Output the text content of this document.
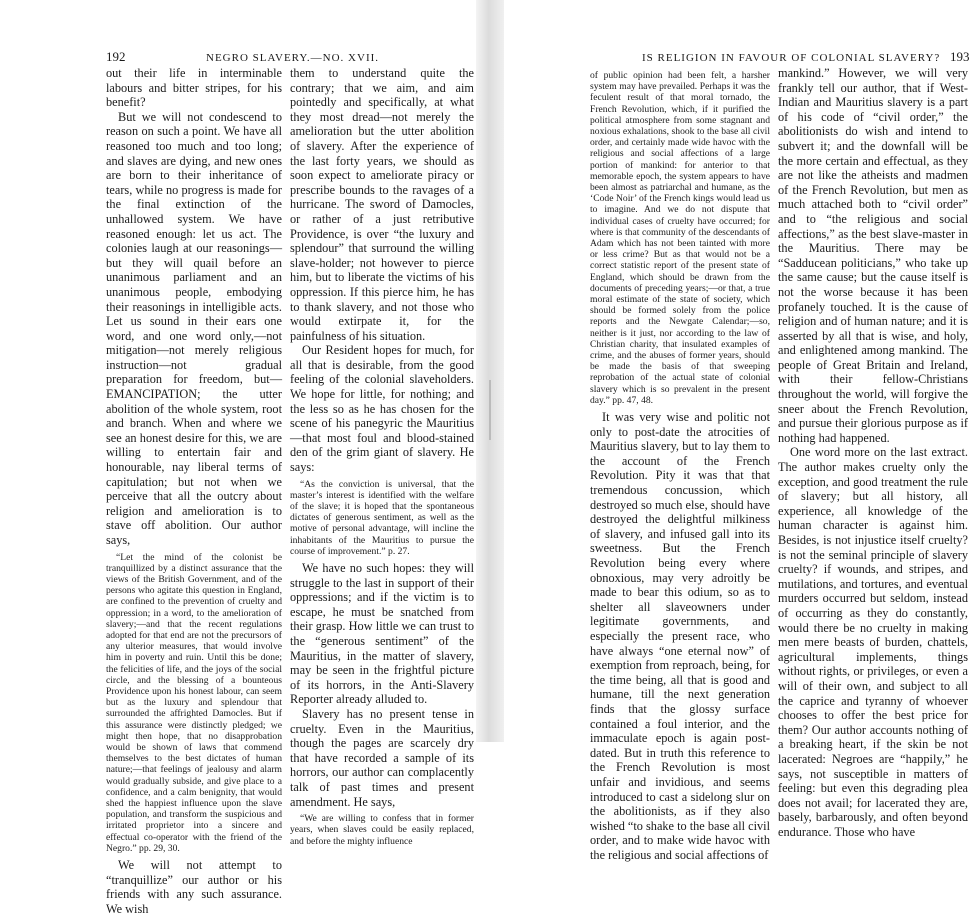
192	NEGRO SLAVERY.—NO. XVII.

out their life in interminable labours and bitter stripes, for his benefit?

But we will not condescend to reason on such a point. We have all reasoned too much and too long; and slaves are dying, and new ones are born to their inheritance of tears, while no progress is made for the final extinction of the unhallowed system. We have reasoned enough: let us act. The colonies laugh at our reasonings—but they will quail before an unanimous parliament and an unanimous people, embodying their reasonings in intelligible acts. Let us sound in their ears one word, and one word only,—not mitigation—not merely religious instruction—not gradual preparation for freedom, but—EMANCIPATION; the utter abolition of the whole system, root and branch. When and where we see an honest desire for this, we are willing to entertain fair and honourable, nay liberal terms of capitulation; but not when we perceive that all the outcry about religion and amelioration is to stave off abolition. Our author says,

“Let the mind of the colonist be tranquillized by a distinct assurance that the views of the British Government, and of the persons who agitate this question in England, are confined to the prevention of cruelty and oppression; in a word, to the amelioration of slavery;—and that the recent regulations adopted for that end are not the precursors of any ulterior measures, that would involve him in poverty and ruin. Until this be done; the felicities of life, and the joys of the social circle, and the blessing of a bounteous Providence upon his honest labour, can seem but as the luxury and splendour that surrounded the affrighted Damocles. But if this assurance were distinctly pledged; we might then hope, that no disapprobation would be shown of laws that commend themselves to the best dictates of human nature;—that feelings of jealousy and alarm would gradually subside, and give place to a confidence, and a calm benignity, that would shed the happiest influence upon the slave population, and transform the suspicious and irritated proprietor into a sincere and effectual co-operator with the friend of the Negro.” pp. 29, 30.

We will not attempt to “tranquillize” our author or his friends with any such assurance. We wish

them to understand quite the contrary; that we aim, and aim pointedly and specifically, at what they most dread—not merely the amelioration but the utter abolition of slavery. After the experience of the last forty years, we should as soon expect to ameliorate piracy or prescribe bounds to the ravages of a hurricane. The sword of Damocles, or rather of a just retributive Providence, is over “the luxury and splendour” that surround the willing slave-holder; not however to pierce him, but to liberate the victims of his oppression. If this pierce him, he has to thank slavery, and not those who would extirpate it, for the painfulness of his situation.

Our Resident hopes for much, for all that is desirable, from the good feeling of the colonial slaveholders. We hope for little, for nothing; and the less so as he has chosen for the scene of his panegyric the Mauritius—that most foul and blood-stained den of the grim giant of slavery. He says:

“As the conviction is universal, that the master’s interest is identified with the welfare of the slave; it is hoped that the spontaneous dictates of generous sentiment, as well as the motive of personal advantage, will incline the inhabitants of the Mauritius to pursue the course of improvement.” p. 27.

We have no such hopes: they will struggle to the last in support of their oppressions; and if the victim is to escape, he must be snatched from their grasp. How little we can trust to the “generous sentiment” of the Mauritius, in the matter of slavery, may be seen in the frightful picture of its horrors, in the Anti-Slavery Reporter already alluded to.

Slavery has no present tense in cruelty. Even in the Mauritius, though the pages are scarcely dry that have recorded a sample of its horrors, our author can complacently talk of past times and present amendment. He says,

“We are willing to confess that in former years, when slaves could be easily replaced, and before the mighty influence

IS RELIGION IN FAVOUR OF COLONIAL SLAVERY? 193

of public opinion had been felt, a harsher system may have prevailed. Perhaps it was the feculent result of that moral tornado, the French Revolution, which, if it purified the political atmosphere from some stagnant and noxious exhalations, shook to the base all civil order, and certainly made wide havoc with the religious and social affections of a large portion of mankind: for anterior to that memorable epoch, the system appears to have been almost as patriarchal and humane, as the ‘Code Noir’ of the French kings would lead us to imagine. And we do not dispute that individual cases of cruelty have occurred; for where is that community of the descendants of Adam which has not been tainted with more or less crime? But as that would not be a correct statistic report of the present state of England, which should be drawn from the documents of preceding years;—or that, a true moral estimate of the state of society, which should be formed solely from the police reports and the Newgate Calendar;—so, neither is it just, nor according to the law of Christian charity, that insulated examples of crime, and the abuses of former years, should be made the basis of that sweeping reprobation of the actual state of colonial slavery which is so prevalent in the present day.” pp. 47, 48.

It was very wise and politic not only to post-date the atrocities of Mauritius slavery, but to lay them to the account of the French Revolution. Pity it was that that tremendous concussion, which destroyed so much else, should have destroyed the delightful milkiness of slavery, and infused gall into its sweetness. But the French Revolution being every where obnoxious, may very adroitly be made to bear this odium, so as to shelter all slaveowners under legitimate governments, and especially the present race, who have always “one eternal now” of exemption from reproach, being, for the time being, all that is good and humane, till the next generation finds that the glossy surface contained a foul interior, and the immaculate epoch is again post-dated. But in truth this reference to the French Revolution is most unfair and invidious, and seems introduced to cast a sidelong slur on the abolitionists, as if they also wished “to shake to the base all civil order, and to make wide havoc with the religious and social affections of

mankind.” However, we will very frankly tell our author, that if West-Indian and Mauritius slavery is a part of his code of “civil order,” the abolitionists do wish and intend to subvert it; and the downfall will be the more certain and effectual, as they are not like the atheists and madmen of the French Revolution, but men as much attached both to “civil order” and to “the religious and social affections,” as the best slave-master in the Mauritius. There may be “Sadducean politicians,” who take up the same cause; but the cause itself is not the worse because it has been profanely touched. It is the cause of religion and of human nature; and it is asserted by all that is wise, and holy, and enlightened among mankind. The people of Great Britain and Ireland, with their fellow-Christians throughout the world, will forgive the sneer about the French Revolution, and pursue their glorious purpose as if nothing had happened.

One word more on the last extract. The author makes cruelty only the exception, and good treatment the rule of slavery; but all history, all experience, all knowledge of the human character is against him. Besides, is not injustice itself cruelty? is not the seminal principle of slavery cruelty? if wounds, and stripes, and mutilations, and tortures, and eventual murders occurred but seldom, instead of occurring as they do constantly, would there be no cruelty in making men mere beasts of burden, chattels, agricultural implements, things without rights, or privileges, or even a will of their own, and subject to all the caprice and tyranny of whoever chooses to offer the best price for them? Our author accounts nothing of a breaking heart, if the skin be not lacerated: Negroes are “happily,” he says, not susceptible in matters of feeling: but even this degrading plea does not avail; for lacerated they are, basely, barbarously, and often beyond endurance. Those who have
